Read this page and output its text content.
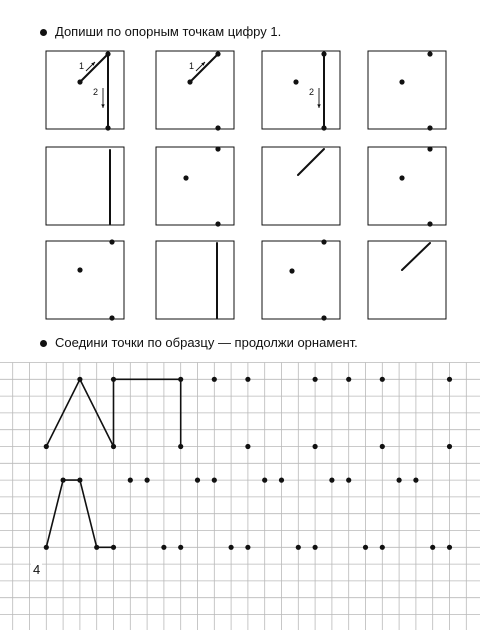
Допиши по опорным точкам цифру 1.
Соедини точки по образцу — продолжи орнамент.
1
2
1
2
4
